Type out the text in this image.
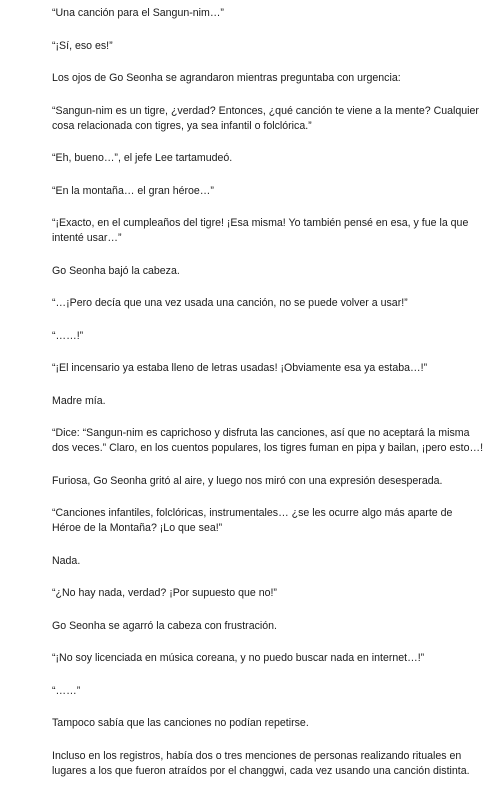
“Una canción para el Sangun-nim…”

“¡Sí, eso es!”

Los ojos de Go Seonha se agrandaron mientras preguntaba con urgencia:

“Sangun-nim es un tigre, ¿verdad? Entonces, ¿qué canción te viene a la mente? Cualquier cosa relacionada con tigres, ya sea infantil o folclórica.”

“Eh, bueno…”, el jefe Lee tartamudeó.

“En la montaña… el gran héroe…”

“¡Exacto, en el cumpleaños del tigre! ¡Esa misma! Yo también pensé en esa, y fue la que intenté usar…”

Go Seonha bajó la cabeza.

“…¡Pero decía que una vez usada una canción, no se puede volver a usar!”

“……!”

“¡El incensario ya estaba lleno de letras usadas! ¡Obviamente esa ya estaba…!”

Madre mía.

“Dice: “Sangun-nim es caprichoso y disfruta las canciones, así que no aceptará la misma dos veces.” Claro, en los cuentos populares, los tigres fuman en pipa y bailan, ¡pero esto…!

Furiosa, Go Seonha gritó al aire, y luego nos miró con una expresión desesperada.

“Canciones infantiles, folclóricas, instrumentales… ¿se les ocurre algo más aparte de Héroe de la Montaña? ¡Lo que sea!”

Nada.

“¿No hay nada, verdad? ¡Por supuesto que no!”

Go Seonha se agarró la cabeza con frustración.

“¡No soy licenciada en música coreana, y no puedo buscar nada en internet…!”

“……”

Tampoco sabía que las canciones no podían repetirse.

Incluso en los registros, había dos o tres menciones de personas realizando rituales en lugares a los que fueron atraídos por el changgwi, cada vez usando una canción distinta.
